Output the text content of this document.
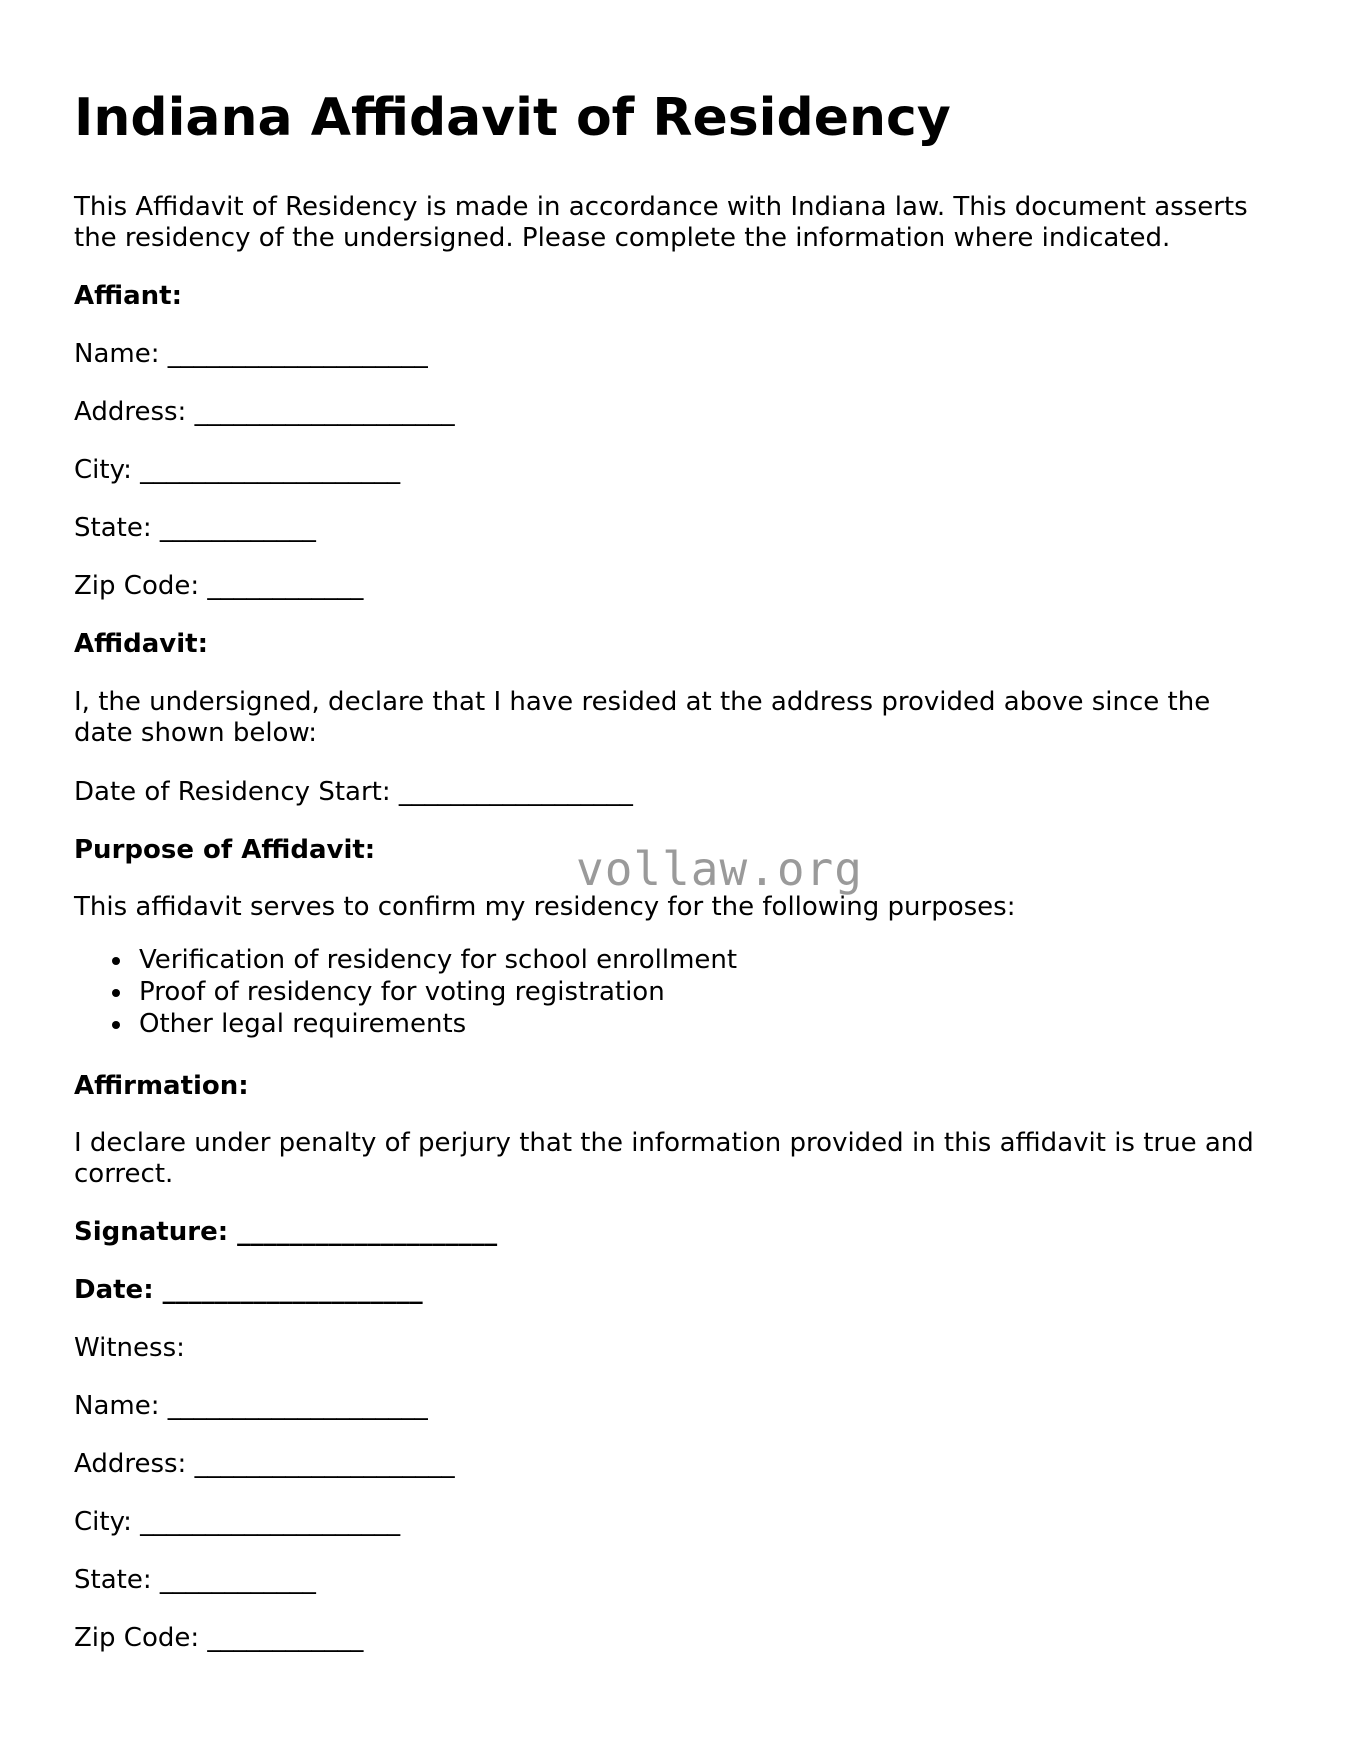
Indiana Affidavit of Residency

This Affidavit of Residency is made in accordance with Indiana law. This document asserts the residency of the undersigned. Please complete the information where indicated.

Affiant:

Name: ____________________

Address: ____________________

City: ____________________

State: ____________

Zip Code: ____________

Affidavit:

I, the undersigned, declare that I have resided at the address provided above since the date shown below:

Date of Residency Start: __________________

Purpose of Affidavit:	vollaw.org

This affidavit serves to confirm my residency for the following purposes:

Verification of residency for school enrollment
Proof of residency for voting registration
Other legal requirements

Affirmation:

I declare under penalty of perjury that the information provided in this affidavit is true and correct.

Signature: ____________________

Date: ____________________

Witness:

Name: ____________________

Address: ____________________

City: ____________________

State: ____________

Zip Code: ____________
